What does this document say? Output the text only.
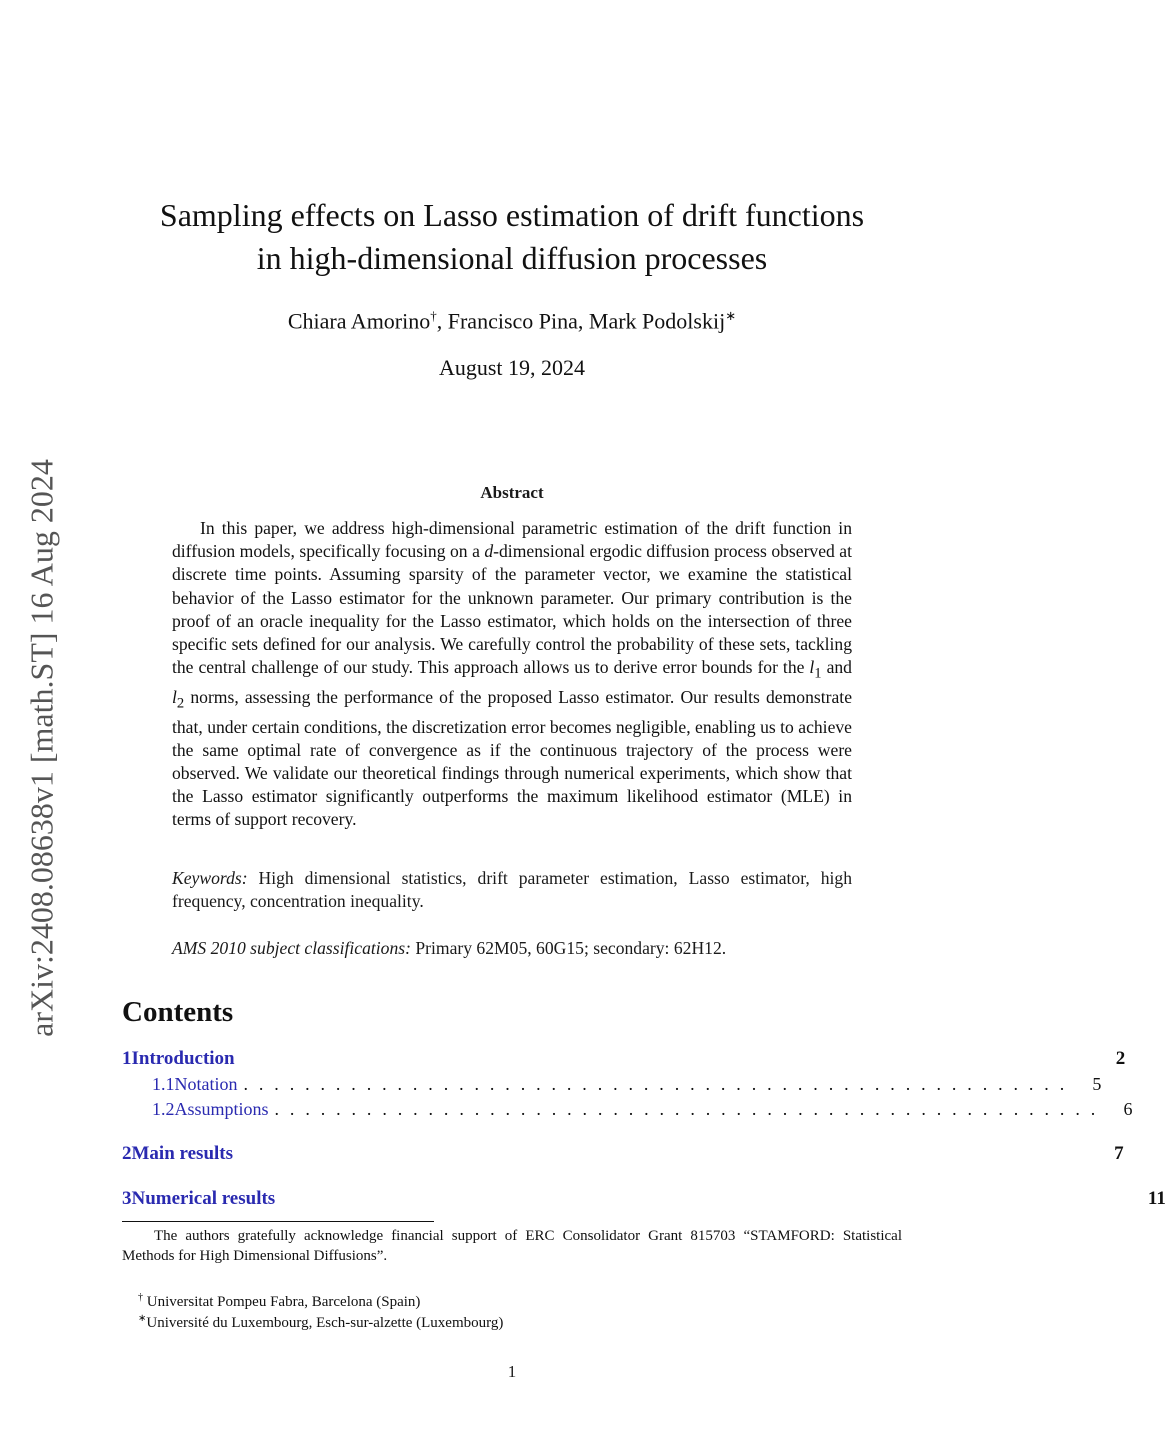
arXiv:2408.08638v1 [math.ST] 16 Aug 2024
Sampling effects on Lasso estimation of drift functions
in high-dimensional diffusion processes
Chiara Amorino†, Francisco Pina, Mark Podolskij∗
August 19, 2024
Abstract

In this paper, we address high-dimensional parametric estimation of the drift function in diffusion models, specifically focusing on a d-dimensional ergodic diffusion process observed at discrete time points. Assuming sparsity of the parameter vector, we examine the statistical behavior of the Lasso estimator for the unknown parameter. Our primary contribution is the proof of an oracle inequality for the Lasso estimator, which holds on the intersection of three specific sets defined for our analysis. We carefully control the probability of these sets, tackling the central challenge of our study. This approach allows us to derive error bounds for the $l_1$ and $l_2$ norms, assessing the performance of the proposed Lasso estimator. Our results demonstrate that, under certain conditions, the discretization error becomes negligible, enabling us to achieve the same optimal rate of convergence as if the continuous trajectory of the process were observed. We validate our theoretical findings through numerical experiments, which show that the Lasso estimator significantly outperforms the maximum likelihood estimator (MLE) in terms of support recovery.

Keywords: High dimensional statistics, drift parameter estimation, Lasso estimator, high frequency, concentration inequality.

AMS 2010 subject classifications: Primary 62M05, 60G15; secondary: 62H12.

Contents
1 Introduction	2
1.1 Notation . . . . . . . . . . . . . . . . . . . . . . . . . . . . . . . . . . . . . . . . . . . . . . . . . . . . . .	5
1.2 Assumptions . . . . . . . . . . . . . . . . . . . . . . . . . . . . . . . . . . . . . . . . . . . . . . . . . . . . . .	6
2 Main results	7
3 Numerical results	11

The authors gratefully acknowledge financial support of ERC Consolidator Grant 815703 “STAMFORD: Statistical Methods for High Dimensional Diffusions”.

† Universitat Pompeu Fabra, Barcelona (Spain)

∗Université du Luxembourg, Esch-sur-alzette (Luxembourg)

1
